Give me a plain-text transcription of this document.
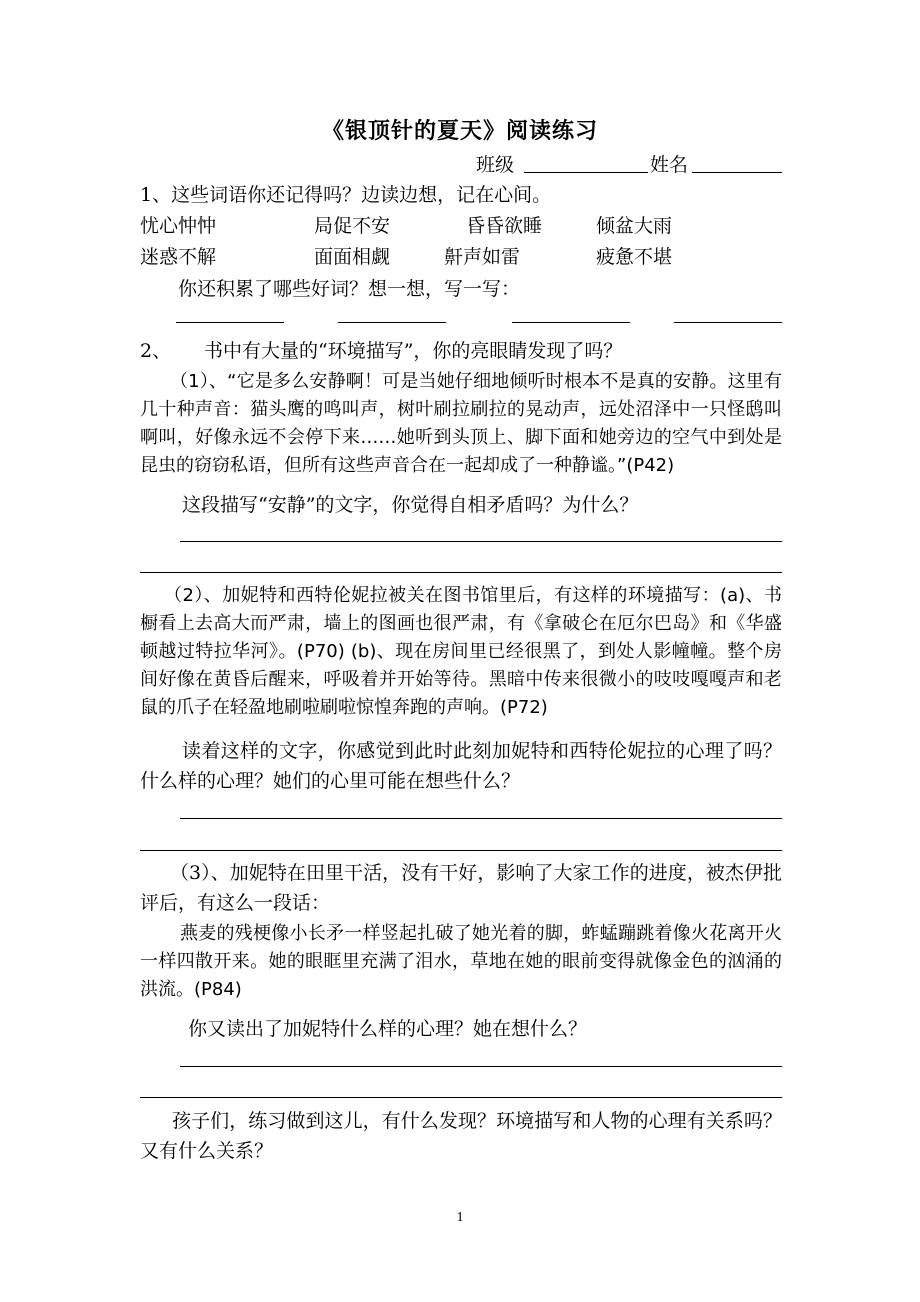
《银顶针的夏天》阅读练习
班级	姓名
1、这些词语你还记得吗？边读边想，记在心间。
忧心忡忡	局促不安	昏昏欲睡	倾盆大雨
迷惑不解	面面相觑	鼾声如雷	疲惫不堪
你还积累了哪些好词？想一想，写一写：
2、 书中有大量的“环境描写”，你的亮眼睛发现了吗？
（1）、“它是多么安静啊！可是当她仔细地倾听时根本不是真的安静。这里有几十种声音：猫头鹰的鸣叫声，树叶刷拉刷拉的晃动声，远处沼泽中一只怪鸱叫啊叫，好像永远不会停下来……她听到头顶上、脚下面和她旁边的空气中到处是昆虫的窃窃私语，但所有这些声音合在一起却成了一种静谧。”(P42)
这段描写“安静”的文字，你觉得自相矛盾吗？为什么？
（2）、加妮特和西特伦妮拉被关在图书馆里后，有这样的环境描写：(a)、书橱看上去高大而严肃，墙上的图画也很严肃，有《拿破仑在厄尔巴岛》和《华盛顿越过特拉华河》。(P70) (b)、现在房间里已经很黑了，到处人影幢幢。整个房间好像在黄昏后醒来，呼吸着并开始等待。黑暗中传来很微小的吱吱嘎嘎声和老鼠的爪子在轻盈地刷啦刷啦惊惶奔跑的声响。(P72)
读着这样的文字，你感觉到此时此刻加妮特和西特伦妮拉的心理了吗？什么样的心理？她们的心里可能在想些什么？
（3）、加妮特在田里干活，没有干好，影响了大家工作的进度，被杰伊批评后，有这么一段话：
燕麦的残梗像小长矛一样竖起扎破了她光着的脚，蚱蜢蹦跳着像火花离开火一样四散开来。她的眼眶里充满了泪水，草地在她的眼前变得就像金色的汹涌的洪流。(P84)
你又读出了加妮特什么样的心理？她在想什么？
孩子们，练习做到这儿，有什么发现？环境描写和人物的心理有关系吗？又有什么关系？
1
